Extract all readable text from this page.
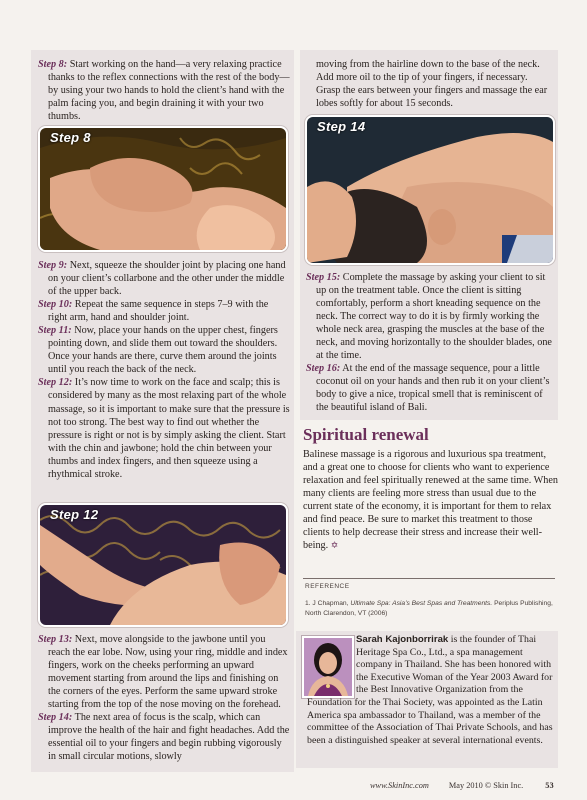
Step 8: Start working on the hand—a very relaxing practice thanks to the reflex connections with the rest of the body—by using your two hands to hold the client’s hand with the palm facing you, and begin draining it with your two thumbs.

Step 8

Step 9: Next, squeeze the shoulder joint by placing one hand on your client’s collarbone and the other under the middle of the upper back.

Step 10: Repeat the same sequence in steps 7–9 with the right arm, hand and shoulder joint.

Step 11: Now, place your hands on the upper chest, fingers pointing down, and slide them out toward the shoulders. Once your hands are there, curve them around the joints until you reach the back of the neck.

Step 12: It’s now time to work on the face and scalp; this is considered by many as the most relaxing part of the whole massage, so it is important to make sure that the pressure is not too strong. The best way to find out whether the pressure is right or not is by simply asking the client. Start with the chin and jawbone; hold the chin between your thumbs and index fingers, and then squeeze using a rhythmical stroke.

Step 12

Step 13: Next, move alongside to the jawbone until you reach the ear lobe. Now, using your ring, middle and index fingers, work on the cheeks performing an upward movement starting from around the lips and finishing on the corners of the eyes. Perform the same upward stroke starting from the top of the nose moving on the forehead.

Step 14: The next area of focus is the scalp, which can improve the health of the hair and fight headaches. Add the essential oil to your fingers and begin rubbing vigorously in small circular motions, slowly

moving from the hairline down to the base of the neck. Add more oil to the tip of your fingers, if necessary. Grasp the ears between your fingers and massage the ear lobes softly for about 15 seconds.

Step 14

Step 15: Complete the massage by asking your client to sit up on the treatment table. Once the client is sitting comfortably, perform a short kneading sequence on the neck. The correct way to do it is by firmly working the whole neck area, grasping the muscles at the base of the neck, and moving horizontally to the shoulder blades, one at the time.

Step 16: At the end of the massage sequence, pour a little coconut oil on your hands and then rub it on your client’s body to give a nice, tropical smell that is reminiscent of the beautiful island of Bali.

Spiritual renewal

Balinese massage is a rigorous and luxurious spa treatment, and a great one to choose for clients who want to experience relaxation and feel spiritually renewed at the same time. When many clients are feeling more stress than usual due to the current state of the economy, it is important for them to relax and find peace. Be sure to market this treatment to those clients to help decrease their stress and increase their well-being. ✡

REFERENCE

1. J Chapman, Ultimate Spa: Asia’s Best Spas and Treatments. Periplus Publishing, North Clarendon, VT (2006)

Sarah Kajonborrirak is the founder of Thai Heritage Spa Co., Ltd., a spa management company in Thailand. She has been honored with the Executive Woman of the Year 2003 Award for the Best Innovative Organization from the Foundation for the Thai Society, was appointed as the Latin America spa ambassador to Thailand, was a member of the committee of the Association of Thai Private Schools, and has been a distinguished speaker at several international events.

www.SkinInc.com May 2010 © Skin Inc.	53
